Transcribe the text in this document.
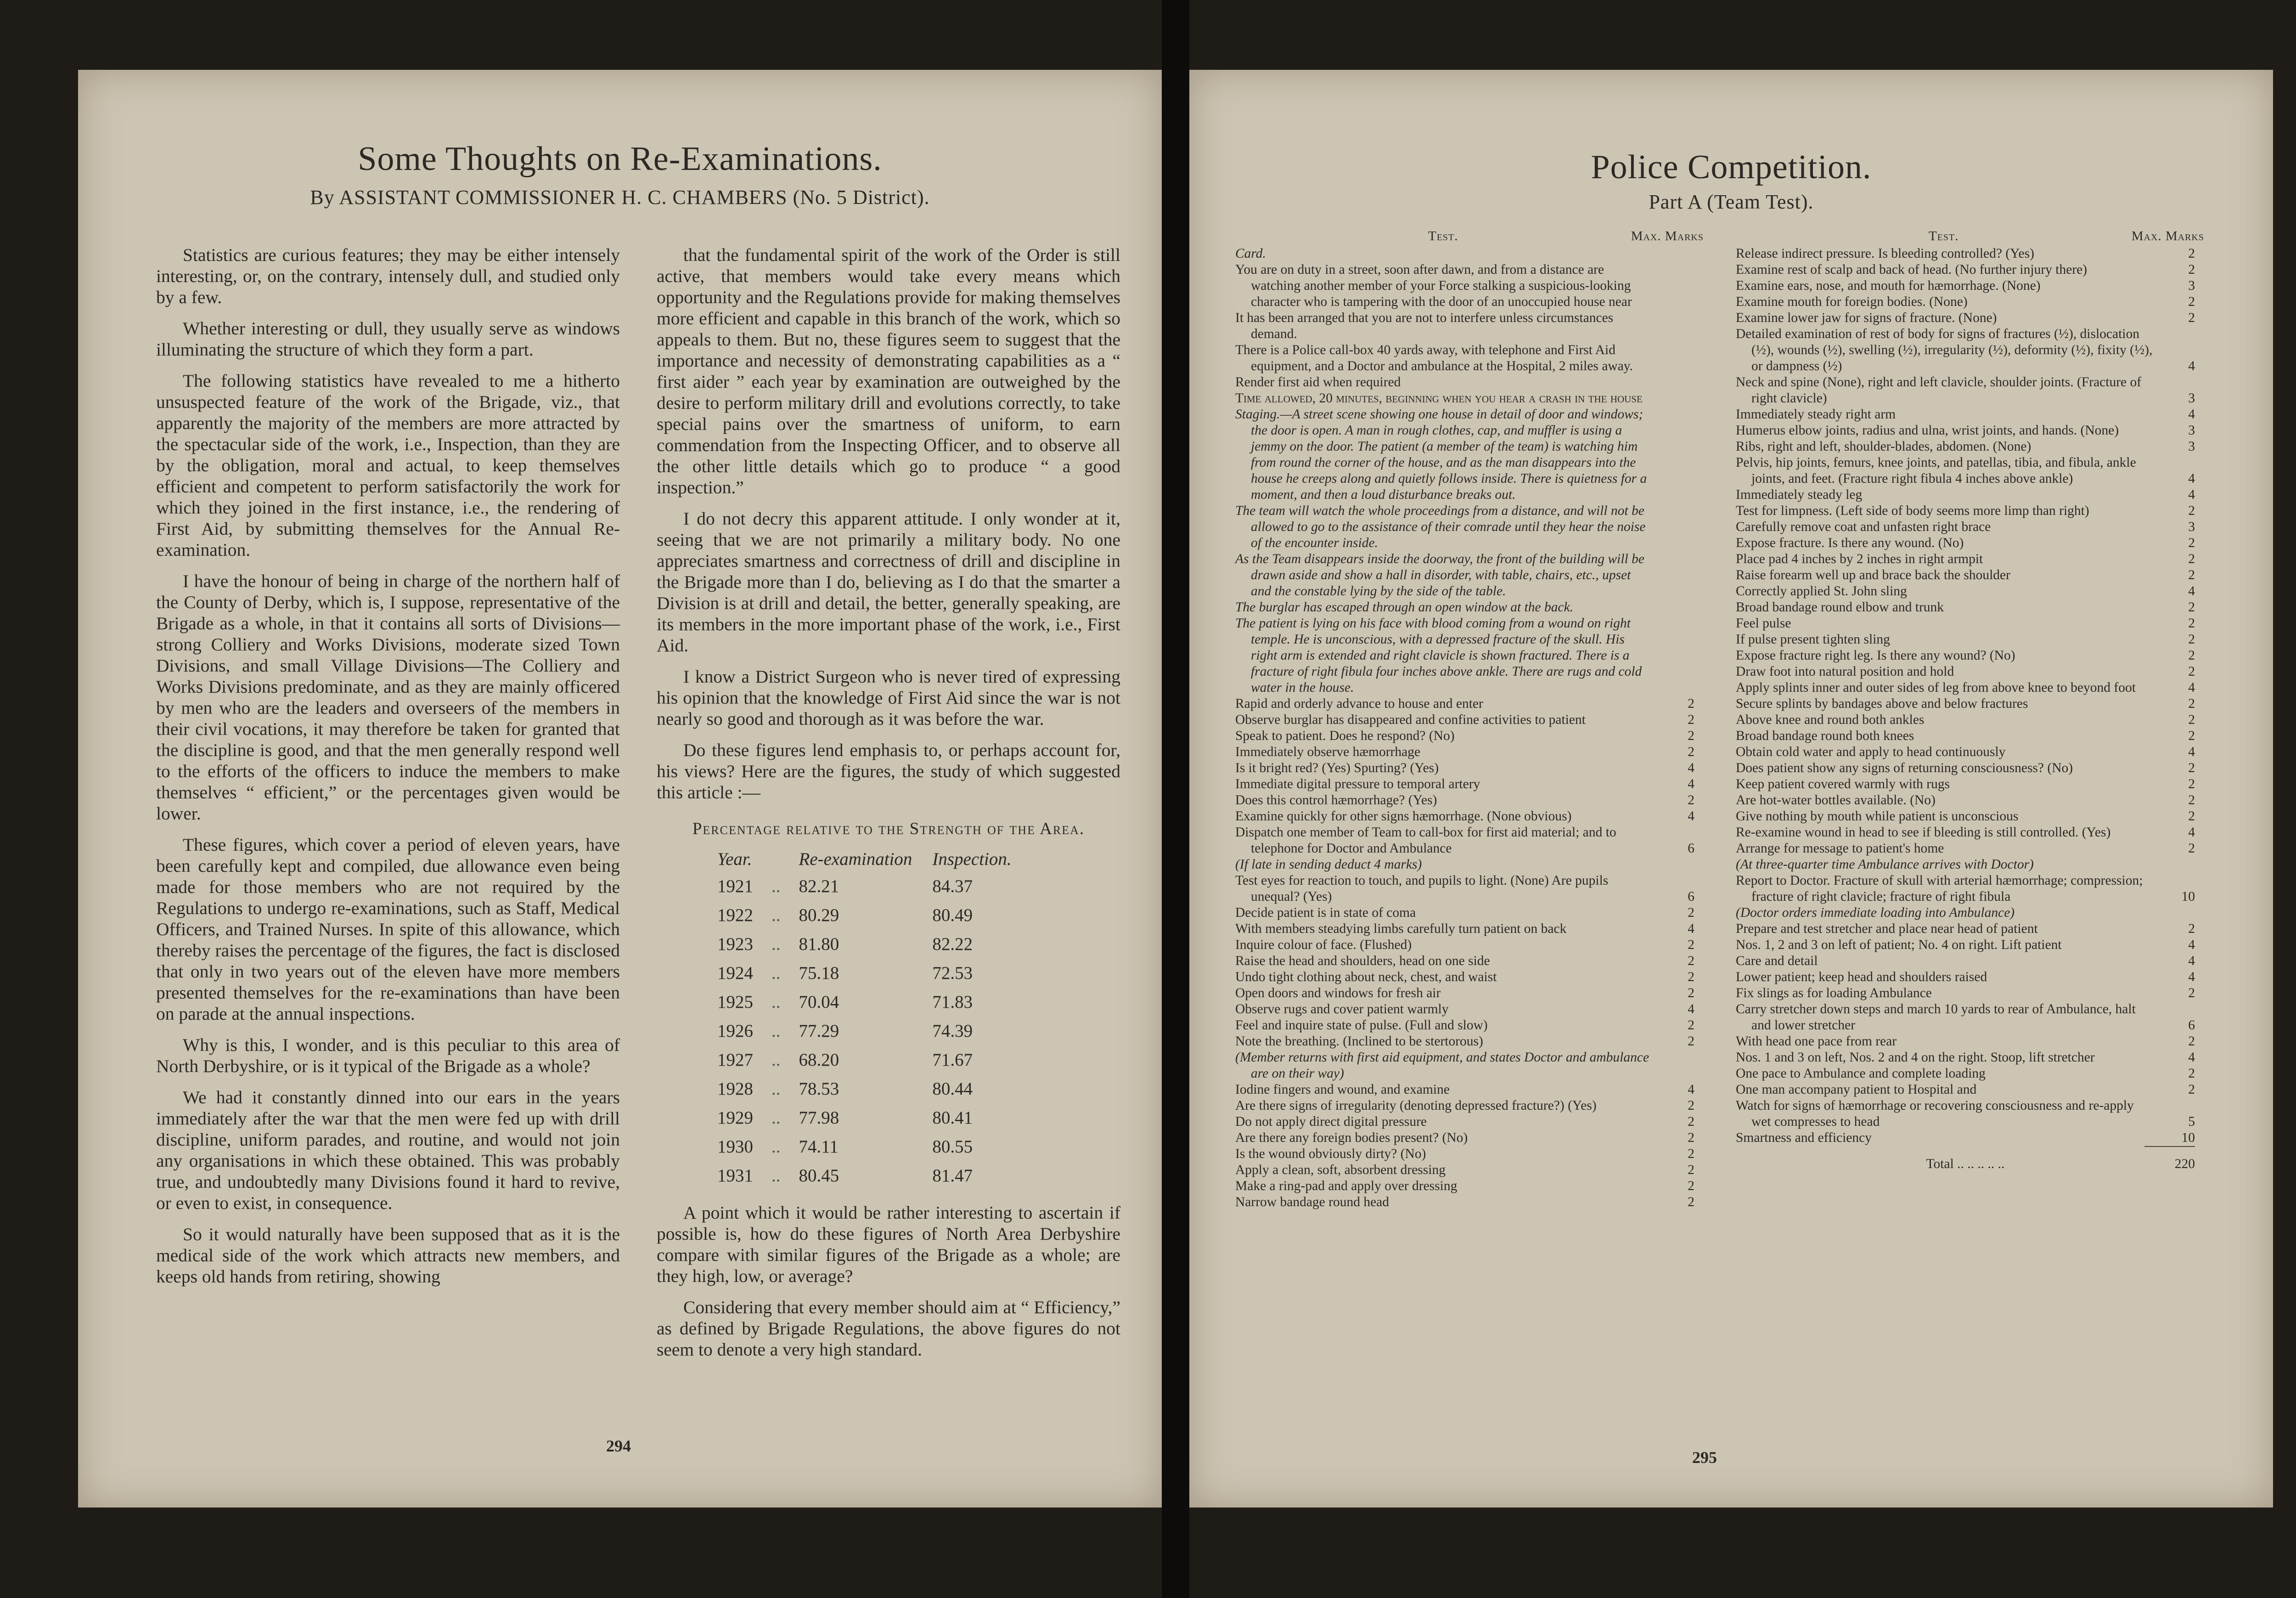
Some Thoughts on Re-Examinations.
By ASSISTANT COMMISSIONER H. C. CHAMBERS (No. 5 District).

Statistics are curious features; they may be either intensely interesting, or, on the contrary, intensely dull, and studied only by a few.

Whether interesting or dull, they usually serve as windows illuminating the structure of which they form a part.

The following statistics have revealed to me a hitherto unsuspected feature of the work of the Brigade, viz., that apparently the majority of the members are more attracted by the spectacular side of the work, i.e., Inspection, than they are by the obligation, moral and actual, to keep themselves efficient and competent to perform satisfactorily the work for which they joined in the first instance, i.e., the rendering of First Aid, by submitting themselves for the Annual Re-examination.

I have the honour of being in charge of the northern half of the County of Derby, which is, I suppose, representative of the Brigade as a whole, in that it contains all sorts of Divisions—strong Colliery and Works Divisions, moderate sized Town Divisions, and small Village Divisions—The Colliery and Works Divisions predominate, and as they are mainly officered by men who are the leaders and overseers of the members in their civil vocations, it may therefore be taken for granted that the discipline is good, and that the men generally respond well to the efforts of the officers to induce the members to make themselves “ efficient,” or the percentages given would be lower.

These figures, which cover a period of eleven years, have been carefully kept and compiled, due allowance even being made for those members who are not required by the Regulations to undergo re-examinations, such as Staff, Medical Officers, and Trained Nurses. In spite of this allowance, which thereby raises the percentage of the figures, the fact is disclosed that only in two years out of the eleven have more members presented themselves for the re-examinations than have been on parade at the annual inspections.

Why is this, I wonder, and is this peculiar to this area of North Derbyshire, or is it typical of the Brigade as a whole?

We had it constantly dinned into our ears in the years immediately after the war that the men were fed up with drill discipline, uniform parades, and routine, and would not join any organisations in which these obtained. This was probably true, and undoubtedly many Divisions found it hard to revive, or even to exist, in consequence.

So it would naturally have been supposed that as it is the medical side of the work which attracts new members, and keeps old hands from retiring, showing

that the fundamental spirit of the work of the Order is still active, that members would take every means which opportunity and the Regulations provide for making themselves more efficient and capable in this branch of the work, which so appeals to them. But no, these figures seem to suggest that the importance and necessity of demonstrating capabilities as a “ first aider ” each year by examination are outweighed by the desire to perform military drill and evolutions correctly, to take special pains over the smartness of uniform, to earn commendation from the Inspecting Officer, and to observe all the other little details which go to produce “ a good inspection.”

I do not decry this apparent attitude. I only wonder at it, seeing that we are not primarily a military body. No one appreciates smartness and correctness of drill and discipline in the Brigade more than I do, believing as I do that the smarter a Division is at drill and detail, the better, generally speaking, are its members in the more important phase of the work, i.e., First Aid.

I know a District Surgeon who is never tired of expressing his opinion that the knowledge of First Aid since the war is not nearly so good and thorough as it was before the war.

Do these figures lend emphasis to, or perhaps account for, his views? Here are the figures, the study of which suggested this article :—

Percentage relative to the Strength of the Area.
Year.		Re-examination	Inspection.
1921	..	82.21	84.37
1922	..	80.29	80.49
1923	..	81.80	82.22
1924	..	75.18	72.53
1925	..	70.04	71.83
1926	..	77.29	74.39
1927	..	68.20	71.67
1928	..	78.53	80.44
1929	..	77.98	80.41
1930	..	74.11	80.55
1931	..	80.45	81.47

A point which it would be rather interesting to ascertain if possible is, how do these figures of North Area Derbyshire compare with similar figures of the Brigade as a whole; are they high, low, or average?

Considering that every member should aim at “ Efficiency,” as defined by Brigade Regulations, the above figures do not seem to denote a very high standard.

294
Police Competition.
Part A (Team Test).
Test.	Max. Marks
Card.
You are on duty in a street, soon after dawn, and from a distance are watching another member of your Force stalking a suspicious-looking character who is tampering with the door of an unoccupied house near
It has been arranged that you are not to interfere unless circumstances demand.
There is a Police call-box 40 yards away, with telephone and First Aid equipment, and a Doctor and ambulance at the Hospital, 2 miles away.
Render first aid when required
Time allowed, 20 minutes, beginning when you hear a crash in the house
Staging.—A street scene showing one house in detail of door and windows; the door is open. A man in rough clothes, cap, and muffler is using a jemmy on the door. The patient (a member of the team) is watching him from round the corner of the house, and as the man disappears into the house he creeps along and quietly follows inside. There is quietness for a moment, and then a loud disturbance breaks out.
The team will watch the whole proceedings from a distance, and will not be allowed to go to the assistance of their comrade until they hear the noise of the encounter inside.
As the Team disappears inside the doorway, the front of the building will be drawn aside and show a hall in disorder, with table, chairs, etc., upset and the constable lying by the side of the table.
The burglar has escaped through an open window at the back.
The patient is lying on his face with blood coming from a wound on right temple. He is unconscious, with a depressed fracture of the skull. His right arm is extended and right clavicle is shown fractured. There is a fracture of right fibula four inches above ankle. There are rugs and cold water in the house.
Rapid and orderly advance to house and enter	2
Observe burglar has disappeared and confine activities to patient	2
Speak to patient. Does he respond? (No)	2
Immediately observe hæmorrhage	2
Is it bright red? (Yes) Spurting? (Yes)	4
Immediate digital pressure to temporal artery	4
Does this control hæmorrhage? (Yes)	2
Examine quickly for other signs hæmorrhage. (None obvious)	4
Dispatch one member of Team to call-box for first aid material; and to telephone for Doctor and Ambulance	6
(If late in sending deduct 4 marks)
Test eyes for reaction to touch, and pupils to light. (None) Are pupils unequal? (Yes)	6
Decide patient is in state of coma	2
With members steadying limbs carefully turn patient on back	4
Inquire colour of face. (Flushed)	2
Raise the head and shoulders, head on one side	2
Undo tight clothing about neck, chest, and waist	2
Open doors and windows for fresh air	2
Observe rugs and cover patient warmly	4
Feel and inquire state of pulse. (Full and slow)	2
Note the breathing. (Inclined to be stertorous)	2
(Member returns with first aid equipment, and states Doctor and ambulance are on their way)
Iodine fingers and wound, and examine	4
Are there signs of irregularity (denoting depressed fracture?) (Yes)	2
Do not apply direct digital pressure	2
Are there any foreign bodies present? (No)	2
Is the wound obviously dirty? (No)	2
Apply a clean, soft, absorbent dressing	2
Make a ring-pad and apply over dressing	2
Narrow bandage round head	2
Test.	Max. Marks
Release indirect pressure. Is bleeding controlled? (Yes)	2
Examine rest of scalp and back of head. (No further injury there)	2
Examine ears, nose, and mouth for hæmorrhage. (None)	3
Examine mouth for foreign bodies. (None)	2
Examine lower jaw for signs of fracture. (None)	2
Detailed examination of rest of body for signs of fractures (½), dislocation (½), wounds (½), swelling (½), irregularity (½), deformity (½), fixity (½), or dampness (½)	4
Neck and spine (None), right and left clavicle, shoulder joints. (Fracture of right clavicle)	3
Immediately steady right arm	4
Humerus elbow joints, radius and ulna, wrist joints, and hands. (None)	3
Ribs, right and left, shoulder-blades, abdomen. (None)	3
Pelvis, hip joints, femurs, knee joints, and patellas, tibia, and fibula, ankle joints, and feet. (Fracture right fibula 4 inches above ankle)	4
Immediately steady leg	4
Test for limpness. (Left side of body seems more limp than right)	2
Carefully remove coat and unfasten right brace	3
Expose fracture. Is there any wound. (No)	2
Place pad 4 inches by 2 inches in right armpit	2
Raise forearm well up and brace back the shoulder	2
Correctly applied St. John sling	4
Broad bandage round elbow and trunk	2
Feel pulse	2
If pulse present tighten sling	2
Expose fracture right leg. Is there any wound? (No)	2
Draw foot into natural position and hold	2
Apply splints inner and outer sides of leg from above knee to beyond foot	4
Secure splints by bandages above and below fractures	2
Above knee and round both ankles	2
Broad bandage round both knees	2
Obtain cold water and apply to head continuously	4
Does patient show any signs of returning consciousness? (No)	2
Keep patient covered warmly with rugs	2
Are hot-water bottles available. (No)	2
Give nothing by mouth while patient is unconscious	2
Re-examine wound in head to see if bleeding is still controlled. (Yes)	4
Arrange for message to patient's home	2
(At three-quarter time Ambulance arrives with Doctor)
Report to Doctor. Fracture of skull with arterial hæmorrhage; compression; fracture of right clavicle; fracture of right fibula	10
(Doctor orders immediate loading into Ambulance)
Prepare and test stretcher and place near head of patient	2
Nos. 1, 2 and 3 on left of patient; No. 4 on right. Lift patient	4
Care and detail	4
Lower patient; keep head and shoulders raised	4
Fix slings as for loading Ambulance	2
Carry stretcher down steps and march 10 yards to rear of Ambulance, halt and lower stretcher	6
With head one pace from rear	2
Nos. 1 and 3 on left, Nos. 2 and 4 on the right. Stoop, lift stretcher	4
One pace to Ambulance and complete loading	2
One man accompany patient to Hospital and	2
Watch for signs of hæmorrhage or recovering consciousness and re-apply wet compresses to head	5
Smartness and efficiency	10
Total .. .. .. .. ..	220
295
